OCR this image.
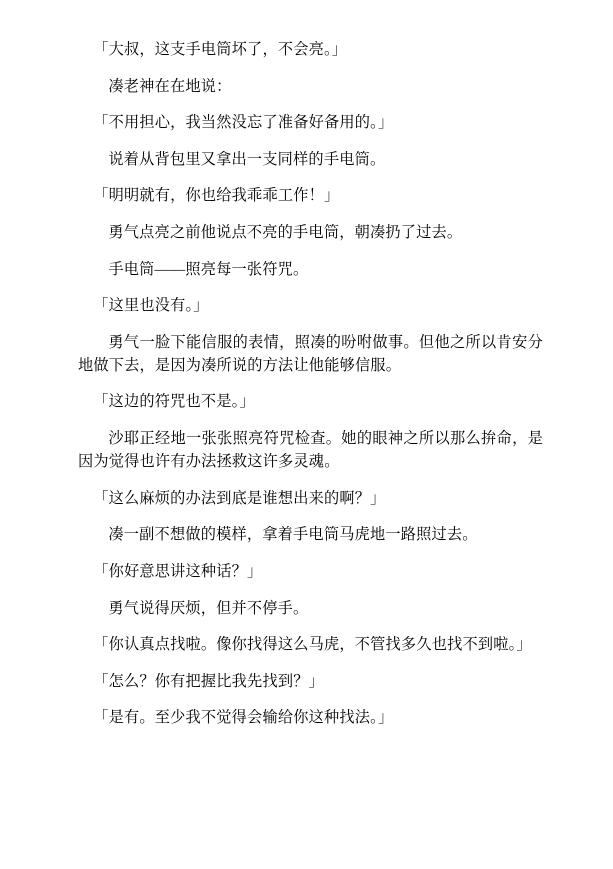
「大叔，这支手电筒坏了，不会亮。」

凑老神在在地说：

「不用担心，我当然没忘了准备好备用的。」

说着从背包里又拿出一支同样的手电筒。

「明明就有，你也给我乖乖工作！」

勇气点亮之前他说点不亮的手电筒，朝凑扔了过去。

手电筒――照亮每一张符咒。

「这里也没有。」

勇气一脸下能信服的表情，照凑的吩咐做事。但他之所以肯安分地做下去，是因为凑所说的方法让他能够信服。

「这边的符咒也不是。」

沙耶正经地一张张照亮符咒检查。她的眼神之所以那么拚命，是因为觉得也许有办法拯救这许多灵魂。

「这么麻烦的办法到底是谁想出来的啊？」

凑一副不想做的模样，拿着手电筒马虎地一路照过去。

「你好意思讲这种话？」

勇气说得厌烦，但并不停手。

「你认真点找啦。像你找得这么马虎，不管找多久也找不到啦。」

「怎么？你有把握比我先找到？」

「是有。至少我不觉得会输给你这种找法。」
